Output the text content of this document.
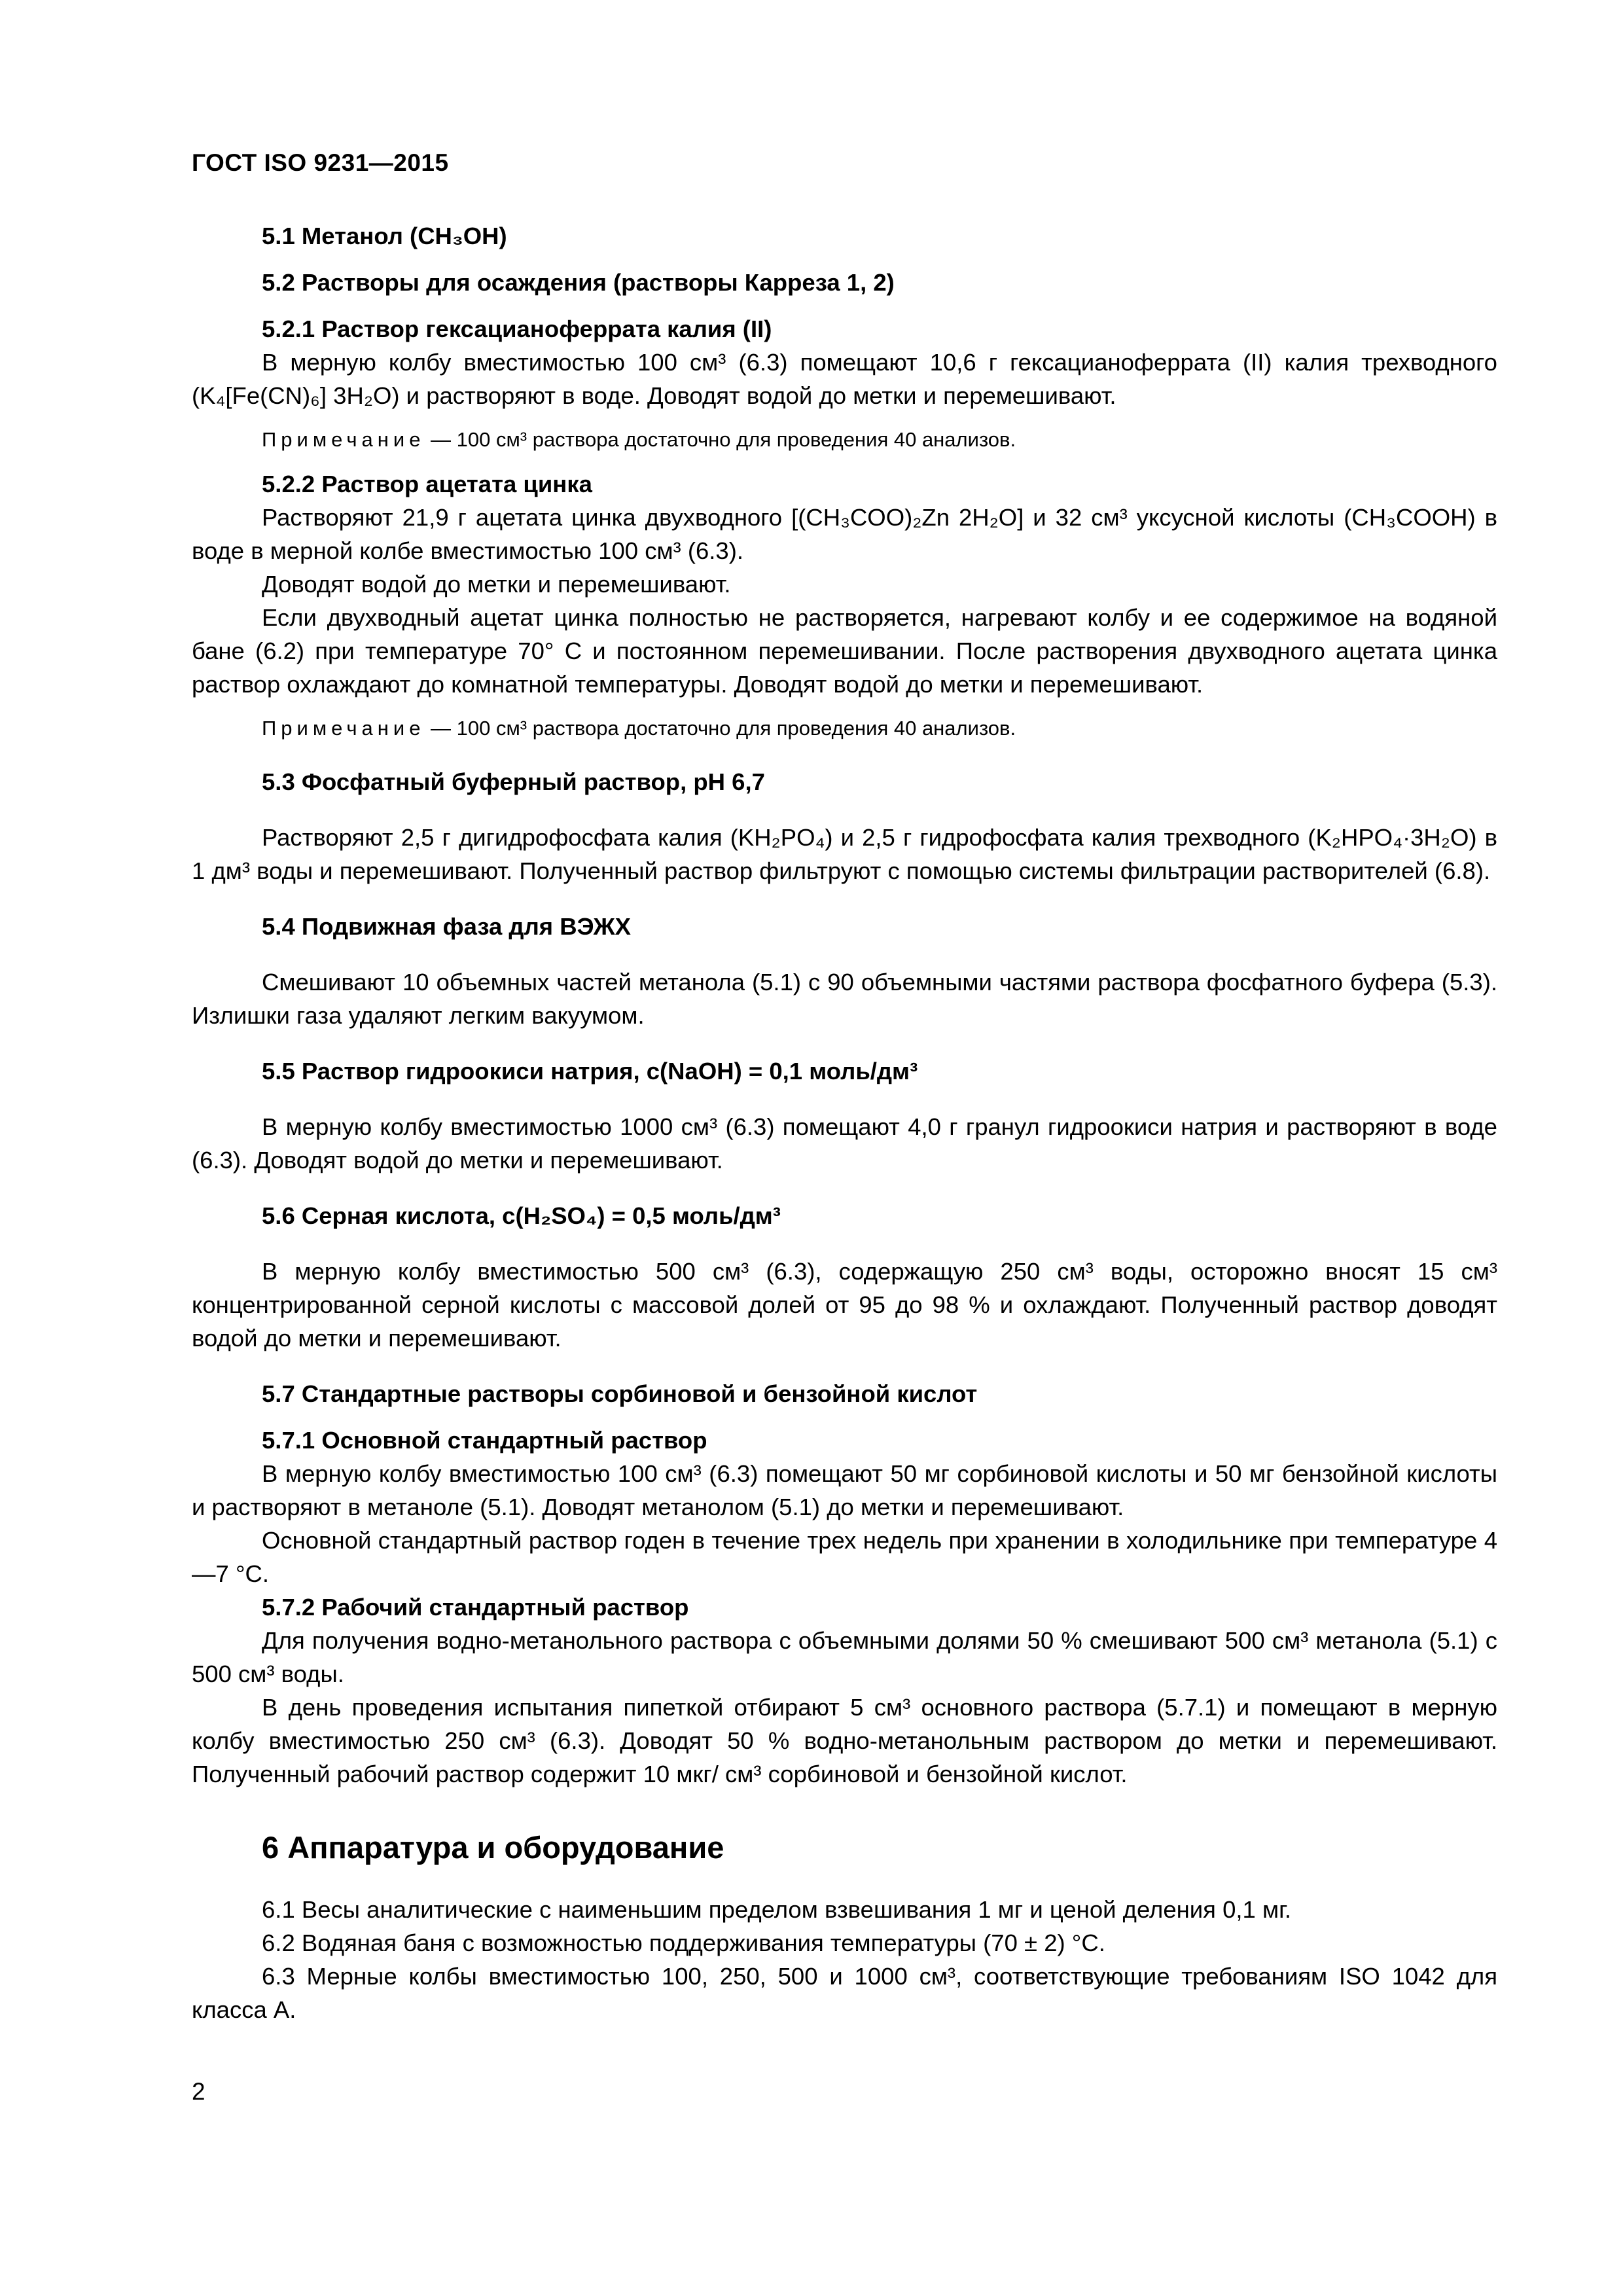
ГОСТ ISO 9231—2015
5.1 Метанол (CH₃OH)
5.2 Растворы для осаждения (растворы Карреза 1, 2)
5.2.1 Раствор гексацианоферрата калия (II)

В мерную колбу вместимостью 100 см³ (6.3) помещают 10,6 г гексацианоферрата (II) калия трехводного (K₄[Fe(CN)₆] 3H₂O) и растворяют в воде. Доводят водой до метки и перемешивают.

Примечание — 100 см³ раствора достаточно для проведения 40 анализов.
5.2.2 Раствор ацетата цинка

Растворяют 21,9 г ацетата цинка двухводного [(CH₃COO)₂Zn 2H₂O] и 32 см³ уксусной кислоты (CH₃COOH) в воде в мерной колбе вместимостью 100 см³ (6.3).

Доводят водой до метки и перемешивают.

Если двухводный ацетат цинка полностью не растворяется, нагревают колбу и ее содержимое на водяной бане (6.2) при температуре 70° С и постоянном перемешивании. После растворения двухводного ацетата цинка раствор охлаждают до комнатной температуры. Доводят водой до метки и перемешивают.

Примечание — 100 см³ раствора достаточно для проведения 40 анализов.
5.3 Фосфатный буферный раствор, pH 6,7

Растворяют 2,5 г дигидрофосфата калия (KH₂PO₄) и 2,5 г гидрофосфата калия трехводного (K₂HPO₄·3H₂O) в 1 дм³ воды и перемешивают. Полученный раствор фильтруют с помощью системы фильтрации растворителей (6.8).

5.4 Подвижная фаза для ВЭЖХ

Смешивают 10 объемных частей метанола (5.1) с 90 объемными частями раствора фосфатного буфера (5.3). Излишки газа удаляют легким вакуумом.

5.5 Раствор гидроокиси натрия, c(NaOH) = 0,1 моль/дм³

В мерную колбу вместимостью 1000 см³ (6.3) помещают 4,0 г гранул гидроокиси натрия и растворяют в воде (6.3). Доводят водой до метки и перемешивают.

5.6 Серная кислота, c(H₂SO₄) = 0,5 моль/дм³

В мерную колбу вместимостью 500 см³ (6.3), содержащую 250 см³ воды, осторожно вносят 15 см³ концентрированной серной кислоты с массовой долей от 95 до 98 % и охлаждают. Полученный раствор доводят водой до метки и перемешивают.

5.7 Стандартные растворы сорбиновой и бензойной кислот
5.7.1 Основной стандартный раствор

В мерную колбу вместимостью 100 см³ (6.3) помещают 50 мг сорбиновой кислоты и 50 мг бензойной кислоты и растворяют в метаноле (5.1). Доводят метанолом (5.1) до метки и перемешивают.

Основной стандартный раствор годен в течение трех недель при хранении в холодильнике при температуре 4—7 °С.

5.7.2 Рабочий стандартный раствор

Для получения водно-метанольного раствора с объемными долями 50 % смешивают 500 см³ метанола (5.1) с 500 см³ воды.

В день проведения испытания пипеткой отбирают 5 см³ основного раствора (5.7.1) и помещают в мерную колбу вместимостью 250 см³ (6.3). Доводят 50 % водно-метанольным раствором до метки и перемешивают. Полученный рабочий раствор содержит 10 мкг/ см³ сорбиновой и бензойной кислот.

6 Аппаратура и оборудование

6.1 Весы аналитические с наименьшим пределом взвешивания 1 мг и ценой деления 0,1 мг.

6.2 Водяная баня с возможностью поддерживания температуры (70 ± 2) °С.

6.3 Мерные колбы вместимостью 100, 250, 500 и 1000 см³, соответствующие требованиям ISO 1042 для класса А.

2
